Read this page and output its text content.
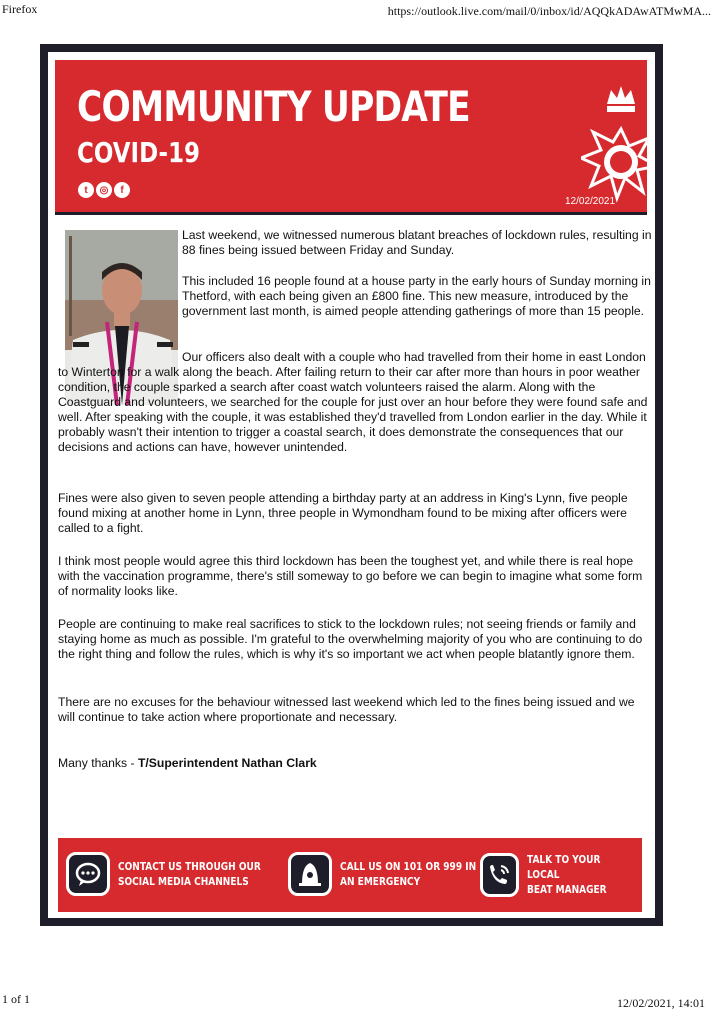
Firefox	https://outlook.live.com/mail/0/inbox/id/AQQkADAwATMwMA...
COMMUNITY UPDATE
COVID-19
t	◎	f
12/02/2021

Last weekend, we witnessed numerous blatant breaches of lockdown rules, resulting in 88 fines being issued between Friday and Sunday.

This included 16 people found at a house party in the early hours of Sunday morning in Thetford, with each being given an £800 fine. This new measure, introduced by the government last month, is aimed people attending gatherings of more than 15 people.

Our officers also dealt with a couple who had travelled from their home in east London to Winterton for a walk along the beach. After failing return to their car after more than hours in poor weather condition, the couple sparked a search after coast watch volunteers raised the alarm. Along with the Coastguard and volunteers, we searched for the couple for just over an hour before they were found safe and well. After speaking with the couple, it was established they'd travelled from London earlier in the day. While it probably wasn't their intention to trigger a coastal search, it does demonstrate the consequences that our decisions and actions can have, however unintended.

Fines were also given to seven people attending a birthday party at an address in King's Lynn, five people found mixing at another home in Lynn, three people in Wymondham found to be mixing after officers were called to a fight.

I think most people would agree this third lockdown has been the toughest yet, and while there is real hope with the vaccination programme, there's still someway to go before we can begin to imagine what some form of normality looks like.

People are continuing to make real sacrifices to stick to the lockdown rules; not seeing friends or family and staying home as much as possible. I'm grateful to the overwhelming majority of you who are continuing to do the right thing and follow the rules, which is why it's so important we act when people blatantly ignore them.

There are no excuses for the behaviour witnessed last weekend which led to the fines being issued and we will continue to take action where proportionate and necessary.

Many thanks - T/Superintendent Nathan Clark
CONTACT US THROUGH OUR
SOCIAL MEDIA CHANNELS
CALL US ON 101 OR 999 IN
AN EMERGENCY
TALK TO YOUR LOCAL
BEAT MANAGER
1 of 1	12/02/2021, 14:01
